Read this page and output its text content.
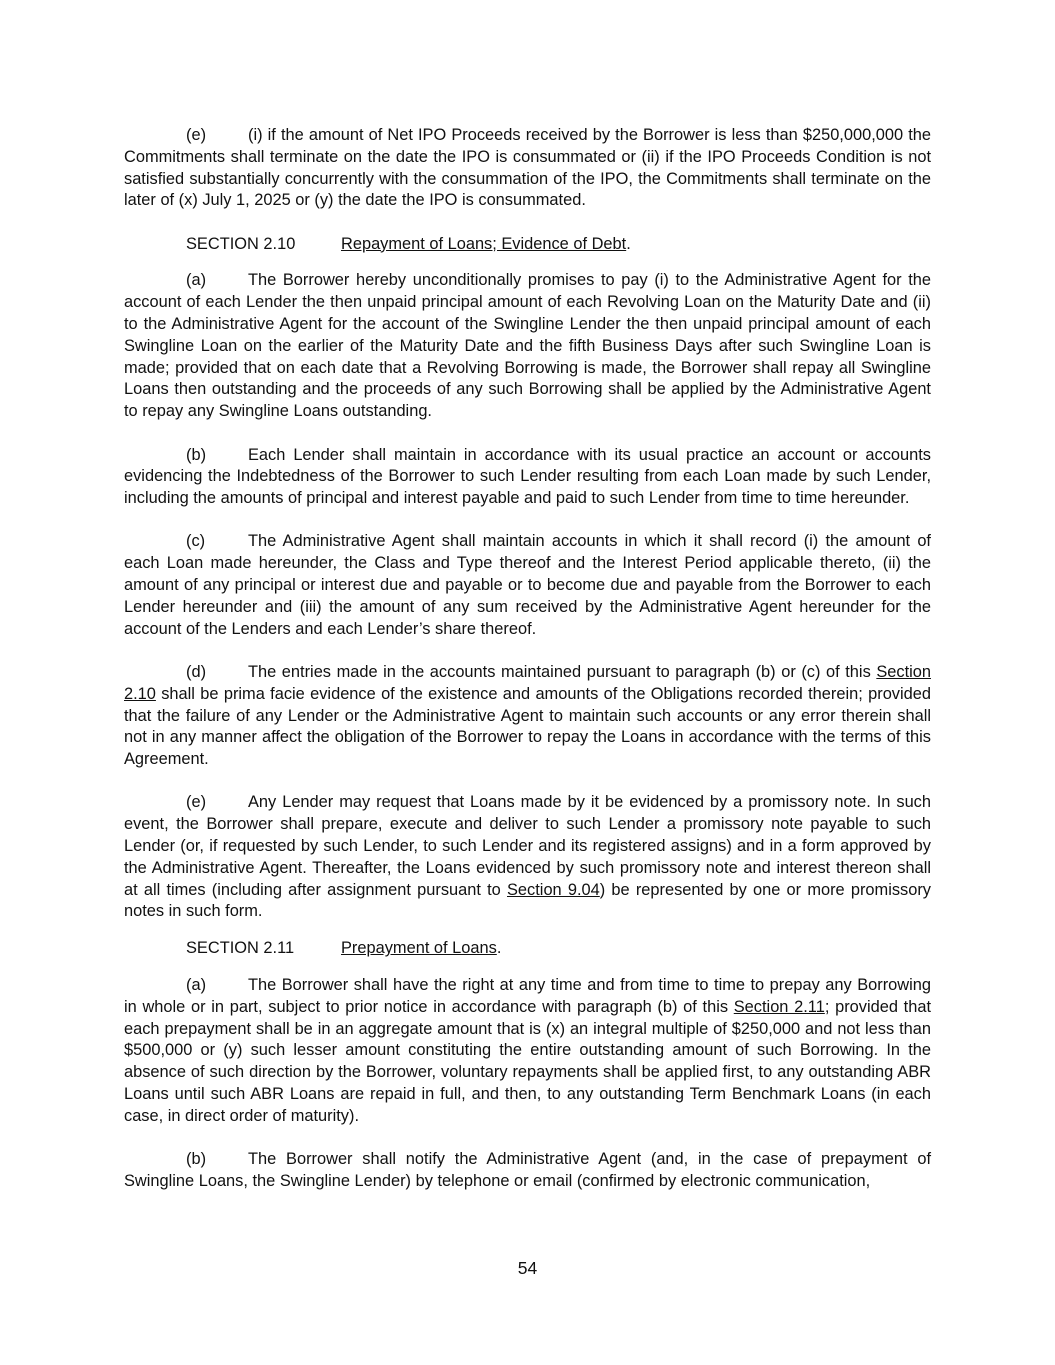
(e)	(i) if the amount of Net IPO Proceeds received by the Borrower is less than $250,000,000 the Commitments shall terminate on the date the IPO is consummated or (ii) if the IPO Proceeds Condition is not satisfied substantially concurrently with the consummation of the IPO, the Commitments shall terminate on the later of (x) July 1, 2025 or (y) the date the IPO is consummated.

SECTION 2.10	Repayment of Loans; Evidence of Debt.

(a)	The Borrower hereby unconditionally promises to pay (i) to the Administrative Agent for the account of each Lender the then unpaid principal amount of each Revolving Loan on the Maturity Date and (ii) to the Administrative Agent for the account of the Swingline Lender the then unpaid principal amount of each Swingline Loan on the earlier of the Maturity Date and the fifth Business Days after such Swingline Loan is made; provided that on each date that a Revolving Borrowing is made, the Borrower shall repay all Swingline Loans then outstanding and the proceeds of any such Borrowing shall be applied by the Administrative Agent to repay any Swingline Loans outstanding.

(b)	Each Lender shall maintain in accordance with its usual practice an account or accounts evidencing the Indebtedness of the Borrower to such Lender resulting from each Loan made by such Lender, including the amounts of principal and interest payable and paid to such Lender from time to time hereunder.

(c)	The Administrative Agent shall maintain accounts in which it shall record (i) the amount of each Loan made hereunder, the Class and Type thereof and the Interest Period applicable thereto, (ii) the amount of any principal or interest due and payable or to become due and payable from the Borrower to each Lender hereunder and (iii) the amount of any sum received by the Administrative Agent hereunder for the account of the Lenders and each Lender’s share thereof.

(d)	The entries made in the accounts maintained pursuant to paragraph (b) or (c) of this Section 2.10 shall be prima facie evidence of the existence and amounts of the Obligations recorded therein; provided that the failure of any Lender or the Administrative Agent to maintain such accounts or any error therein shall not in any manner affect the obligation of the Borrower to repay the Loans in accordance with the terms of this Agreement.

(e)	Any Lender may request that Loans made by it be evidenced by a promissory note. In such event, the Borrower shall prepare, execute and deliver to such Lender a promissory note payable to such Lender (or, if requested by such Lender, to such Lender and its registered assigns) and in a form approved by the Administrative Agent. Thereafter, the Loans evidenced by such promissory note and interest thereon shall at all times (including after assignment pursuant to Section 9.04) be represented by one or more promissory notes in such form.

SECTION 2.11	Prepayment of Loans.

(a)	The Borrower shall have the right at any time and from time to time to prepay any Borrowing in whole or in part, subject to prior notice in accordance with paragraph (b) of this Section 2.11; provided that each prepayment shall be in an aggregate amount that is (x) an integral multiple of $250,000 and not less than $500,000 or (y) such lesser amount constituting the entire outstanding amount of such Borrowing. In the absence of such direction by the Borrower, voluntary repayments shall be applied first, to any outstanding ABR Loans until such ABR Loans are repaid in full, and then, to any outstanding Term Benchmark Loans (in each case, in direct order of maturity).

(b)	The Borrower shall notify the Administrative Agent (and, in the case of prepayment of Swingline Loans, the Swingline Lender) by telephone or email (confirmed by electronic communication,

54
